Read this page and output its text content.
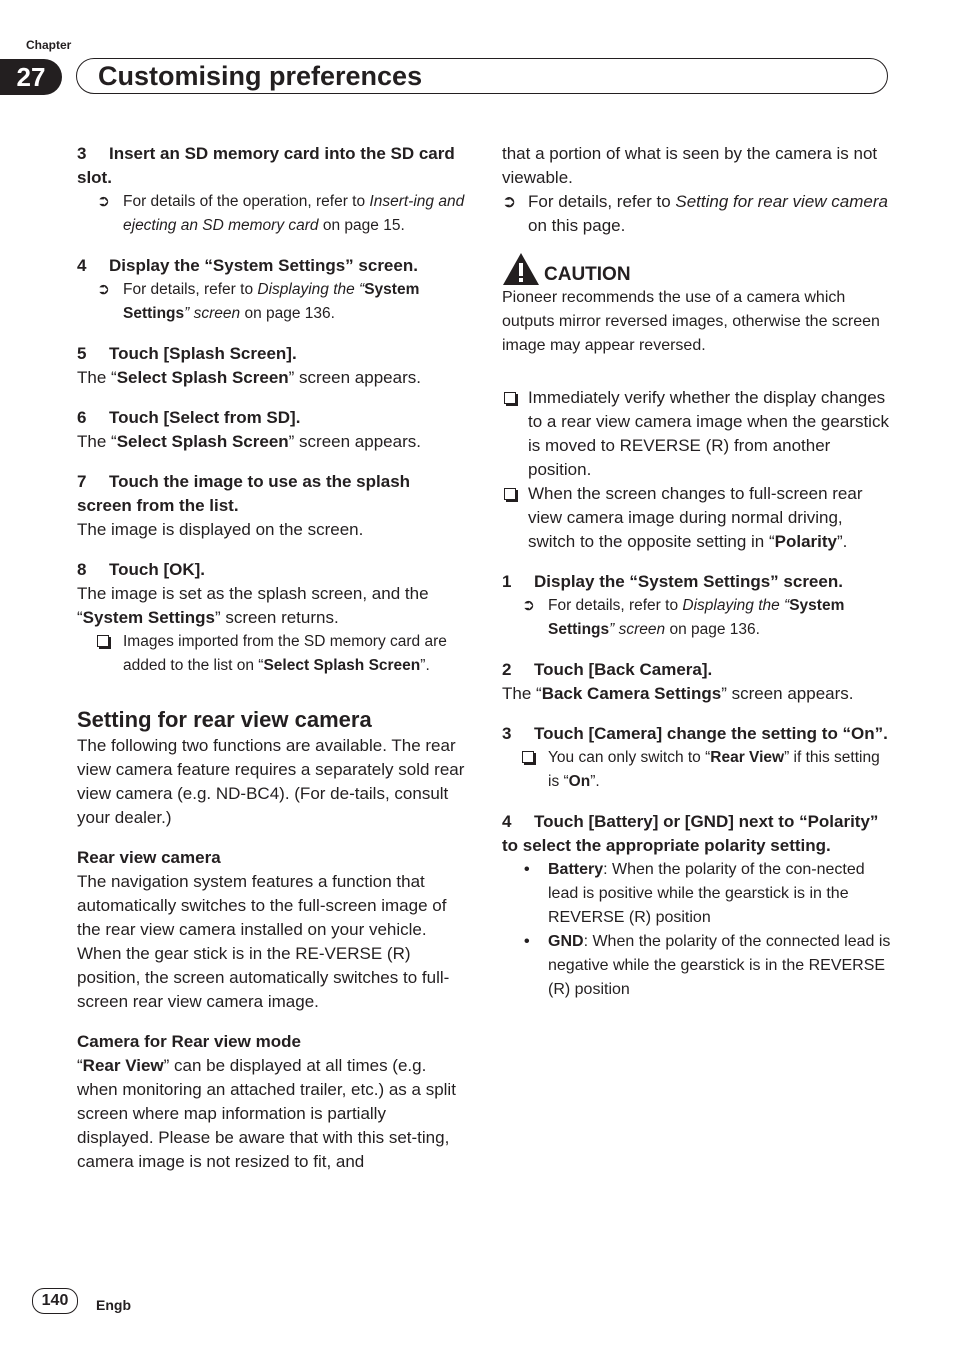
Chapter
27	Customising preferences

3 Insert an SD memory card into the SD card slot.

➲ For details of the operation, refer to Insert-ing and ejecting an SD memory card on page 15.

4 Display the “System Settings” screen.

➲ For details, refer to Displaying the “System Settings” screen on page 136.

5 Touch [Splash Screen].

The “Select Splash Screen” screen appears.

6 Touch [Select from SD].

The “Select Splash Screen” screen appears.

7 Touch the image to use as the splash screen from the list.

The image is displayed on the screen.

8 Touch [OK].

The image is set as the splash screen, and the “System Settings” screen returns.

Images imported from the SD memory card are added to the list on “Select Splash Screen”.

Setting for rear view camera

The following two functions are available. The rear view camera feature requires a separately sold rear view camera (e.g. ND-BC4). (For de-tails, consult your dealer.)

Rear view camera

The navigation system features a function that automatically switches to the full-screen image of the rear view camera installed on your vehicle. When the gear stick is in the RE-VERSE (R) position, the screen automatically switches to full-screen rear view camera image.

Camera for Rear view mode

“Rear View” can be displayed at all times (e.g. when monitoring an attached trailer, etc.) as a split screen where map information is partially displayed. Please be aware that with this set-ting, camera image is not resized to fit, and

that a portion of what is seen by the camera is not viewable.

➲ For details, refer to Setting for rear view camera on this page.
CAUTION

Pioneer recommends the use of a camera which outputs mirror reversed images, otherwise the screen image may appear reversed.

Immediately verify whether the display changes to a rear view camera image when the gearstick is moved to REVERSE (R) from another position.
When the screen changes to full-screen rear view camera image during normal driving, switch to the opposite setting in “Polarity”.

1 Display the “System Settings” screen.

➲ For details, refer to Displaying the “System Settings” screen on page 136.

2 Touch [Back Camera].

The “Back Camera Settings” screen appears.

3 Touch [Camera] change the setting to “On”.

You can only switch to “Rear View” if this setting is “On”.

4 Touch [Battery] or [GND] next to “Polarity” to select the appropriate polarity setting.

• Battery: When the polarity of the con-nected lead is positive while the gearstick is in the REVERSE (R) position
• GND: When the polarity of the connected lead is negative while the gearstick is in the REVERSE (R) position
140	Engb
